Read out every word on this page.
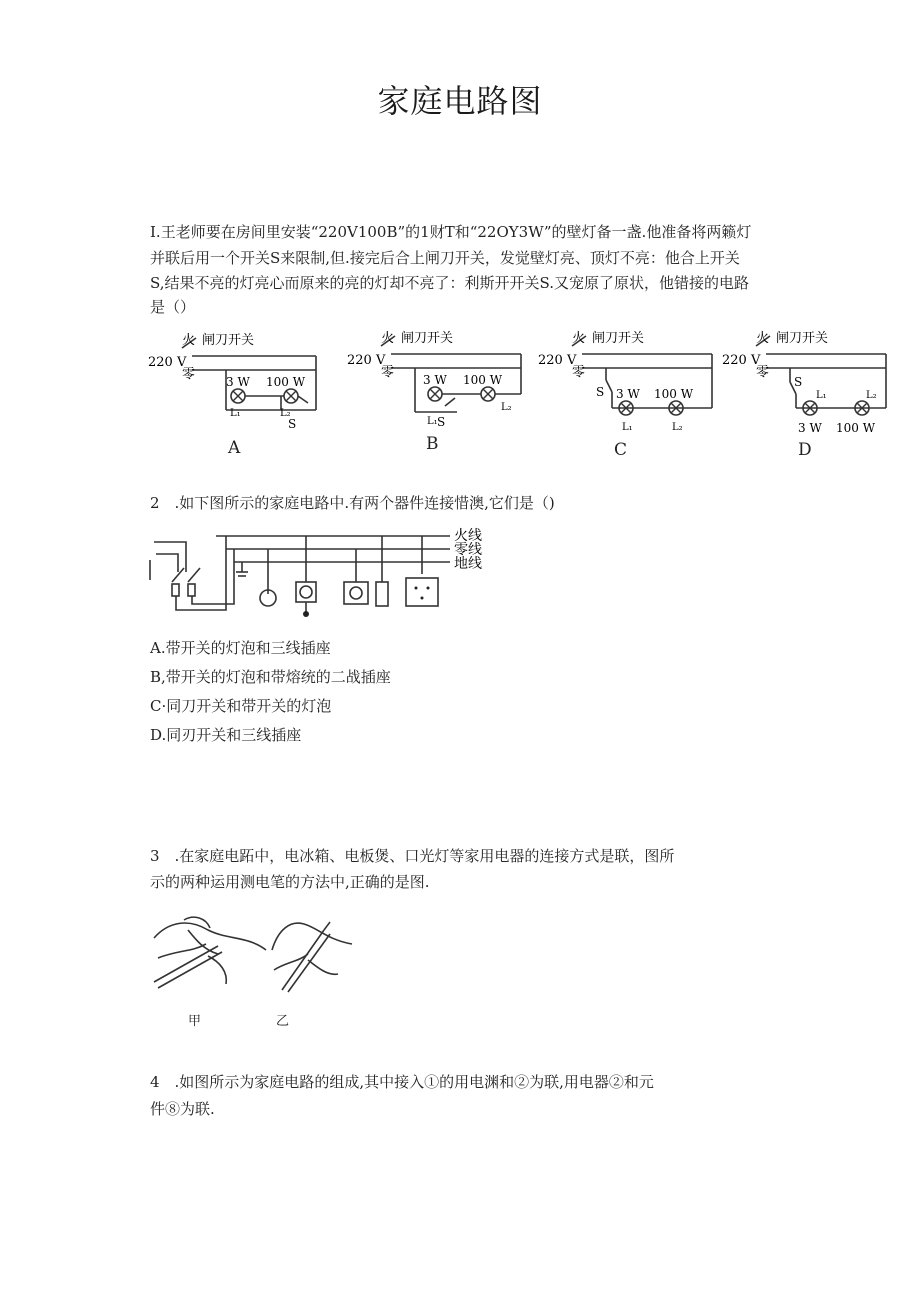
家庭电路图
I.王老师要在房间里安装“220V100B”的1财T和“22OY3W”的壁灯备一盏.他准备将两籁灯
并联后用一个开关S来限制,但.接完后合上闸刀开关，发觉壁灯亮、顶灯不亮：他合上开关
S,结果不亮的灯亮心而原来的亮的灯却不亮了：利斯开开关S.又宠原了原状，他错接的电路
是（）
火 闸刀开关
220 V
零	3 W 100 W
L₁	L₂
S
A
火 闸刀开关
220 V
零 3 W 100 W
L₁
L₂
S
B
火 闸刀开关
220 V
零
S 3 W 100 W
L₁	L₂
C
火 闸刀开关
220 V
零
S
L₁	L₂
3 W 100 W
D
2　.如下图所示的家庭电路中.有两个器件连接惜澳,它们是（)
火线
零线
地线
A.带开关的灯泡和三线插座
B,带开关的灯泡和带熔统的二战插座
C·同刀开关和带开关的灯泡
D.同刃开关和三线插座
3　.在家庭电跖中，电冰箱、电板煲、口光灯等家用电器的连接方式是联，图所
示的两种运用测电笔的方法中,正确的是图.
甲	乙
4　.如图所示为家庭电路的组成,其中接入①的用电渊和②为联,用电器②和元
件⑧为联.
